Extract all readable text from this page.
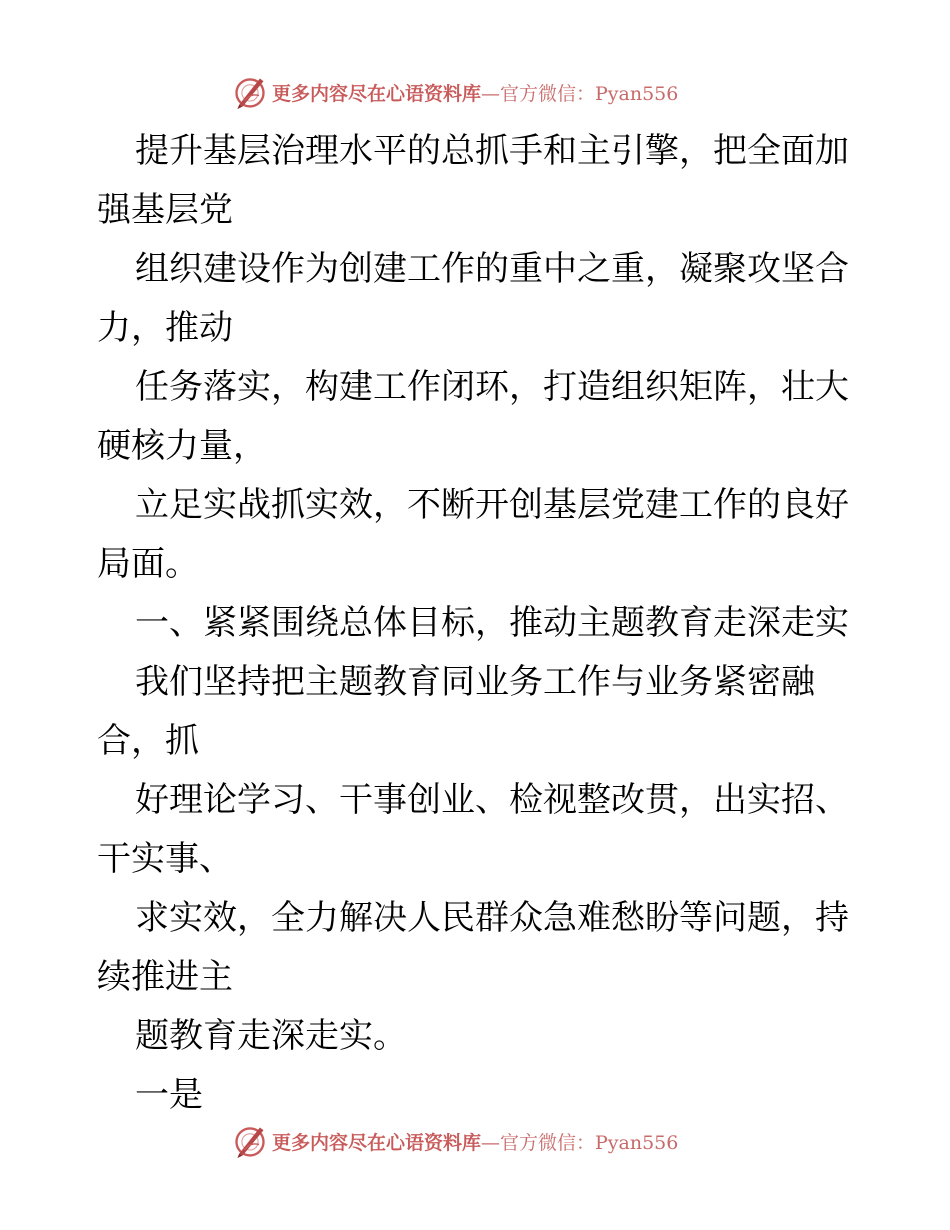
更多内容尽在心语资料库—官方微信：Pyan556
提升基层治理水平的总抓手和主引擎，把全面加
强基层党
组织建设作为创建工作的重中之重，凝聚攻坚合
力，推动
任务落实，构建工作闭环，打造组织矩阵，壮大
硬核力量，
立足实战抓实效，不断开创基层党建工作的良好
局面。
一、紧紧围绕总体目标，推动主题教育走深走实
我们坚持把主题教育同业务工作与业务紧密融
合，抓
好理论学习、干事创业、检视整改贯，出实招、
干实事、
求实效，全力解决人民群众急难愁盼等问题，持
续推进主
题教育走深走实。
一是
更多内容尽在心语资料库—官方微信：Pyan556
